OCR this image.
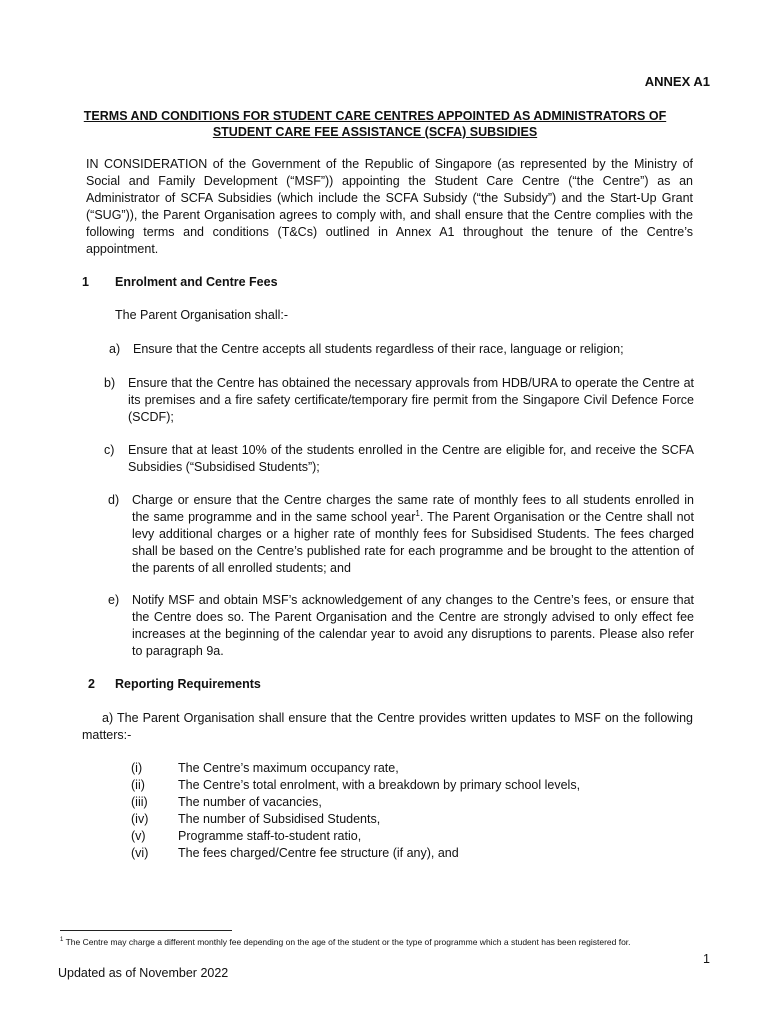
ANNEX A1

TERMS AND CONDITIONS FOR STUDENT CARE CENTRES APPOINTED AS ADMINISTRATORS OF STUDENT CARE FEE ASSISTANCE (SCFA) SUBSIDIES

IN CONSIDERATION of the Government of the Republic of Singapore (as represented by the Ministry of Social and Family Development (“MSF”)) appointing the Student Care Centre (“the Centre”) as an Administrator of SCFA Subsidies (which include the SCFA Subsidy (“the Subsidy”) and the Start-Up Grant (“SUG”)), the Parent Organisation agrees to comply with, and shall ensure that the Centre complies with the following terms and conditions (T&Cs) outlined in Annex A1 throughout the tenure of the Centre’s appointment.

1 Enrolment and Centre Fees
The Parent Organisation shall:-
a) Ensure that the Centre accepts all students regardless of their race, language or religion;
b) Ensure that the Centre has obtained the necessary approvals from HDB/URA to operate the Centre at its premises and a fire safety certificate/temporary fire permit from the Singapore Civil Defence Force (SCDF);
c) Ensure that at least 10% of the students enrolled in the Centre are eligible for, and receive the SCFA Subsidies (“Subsidised Students”);
d) Charge or ensure that the Centre charges the same rate of monthly fees to all students enrolled in the same programme and in the same school year$^1$. The Parent Organisation or the Centre shall not levy additional charges or a higher rate of monthly fees for Subsidised Students. The fees charged shall be based on the Centre’s published rate for each programme and be brought to the attention of the parents of all enrolled students; and
e) Notify MSF and obtain MSF’s acknowledgement of any changes to the Centre’s fees, or ensure that the Centre does so. The Parent Organisation and the Centre are strongly advised to only effect fee increases at the beginning of the calendar year to avoid any disruptions to parents. Please also refer to paragraph 9a.
2 Reporting Requirements

a) The Parent Organisation shall ensure that the Centre provides written updates to MSF on the following matters:-

(i)	The Centre’s maximum occupancy rate,
(ii)	The Centre’s total enrolment, with a breakdown by primary school levels,
(iii) The number of vacancies,
(iv) The number of Subsidised Students,
(v)	Programme staff-to-student ratio,
(vi) The fees charged/Centre fee structure (if any), and

$^1$ The Centre may charge a different monthly fee depending on the age of the student or the type of programme which a student has been registered for.

1
Updated as of November 2022
